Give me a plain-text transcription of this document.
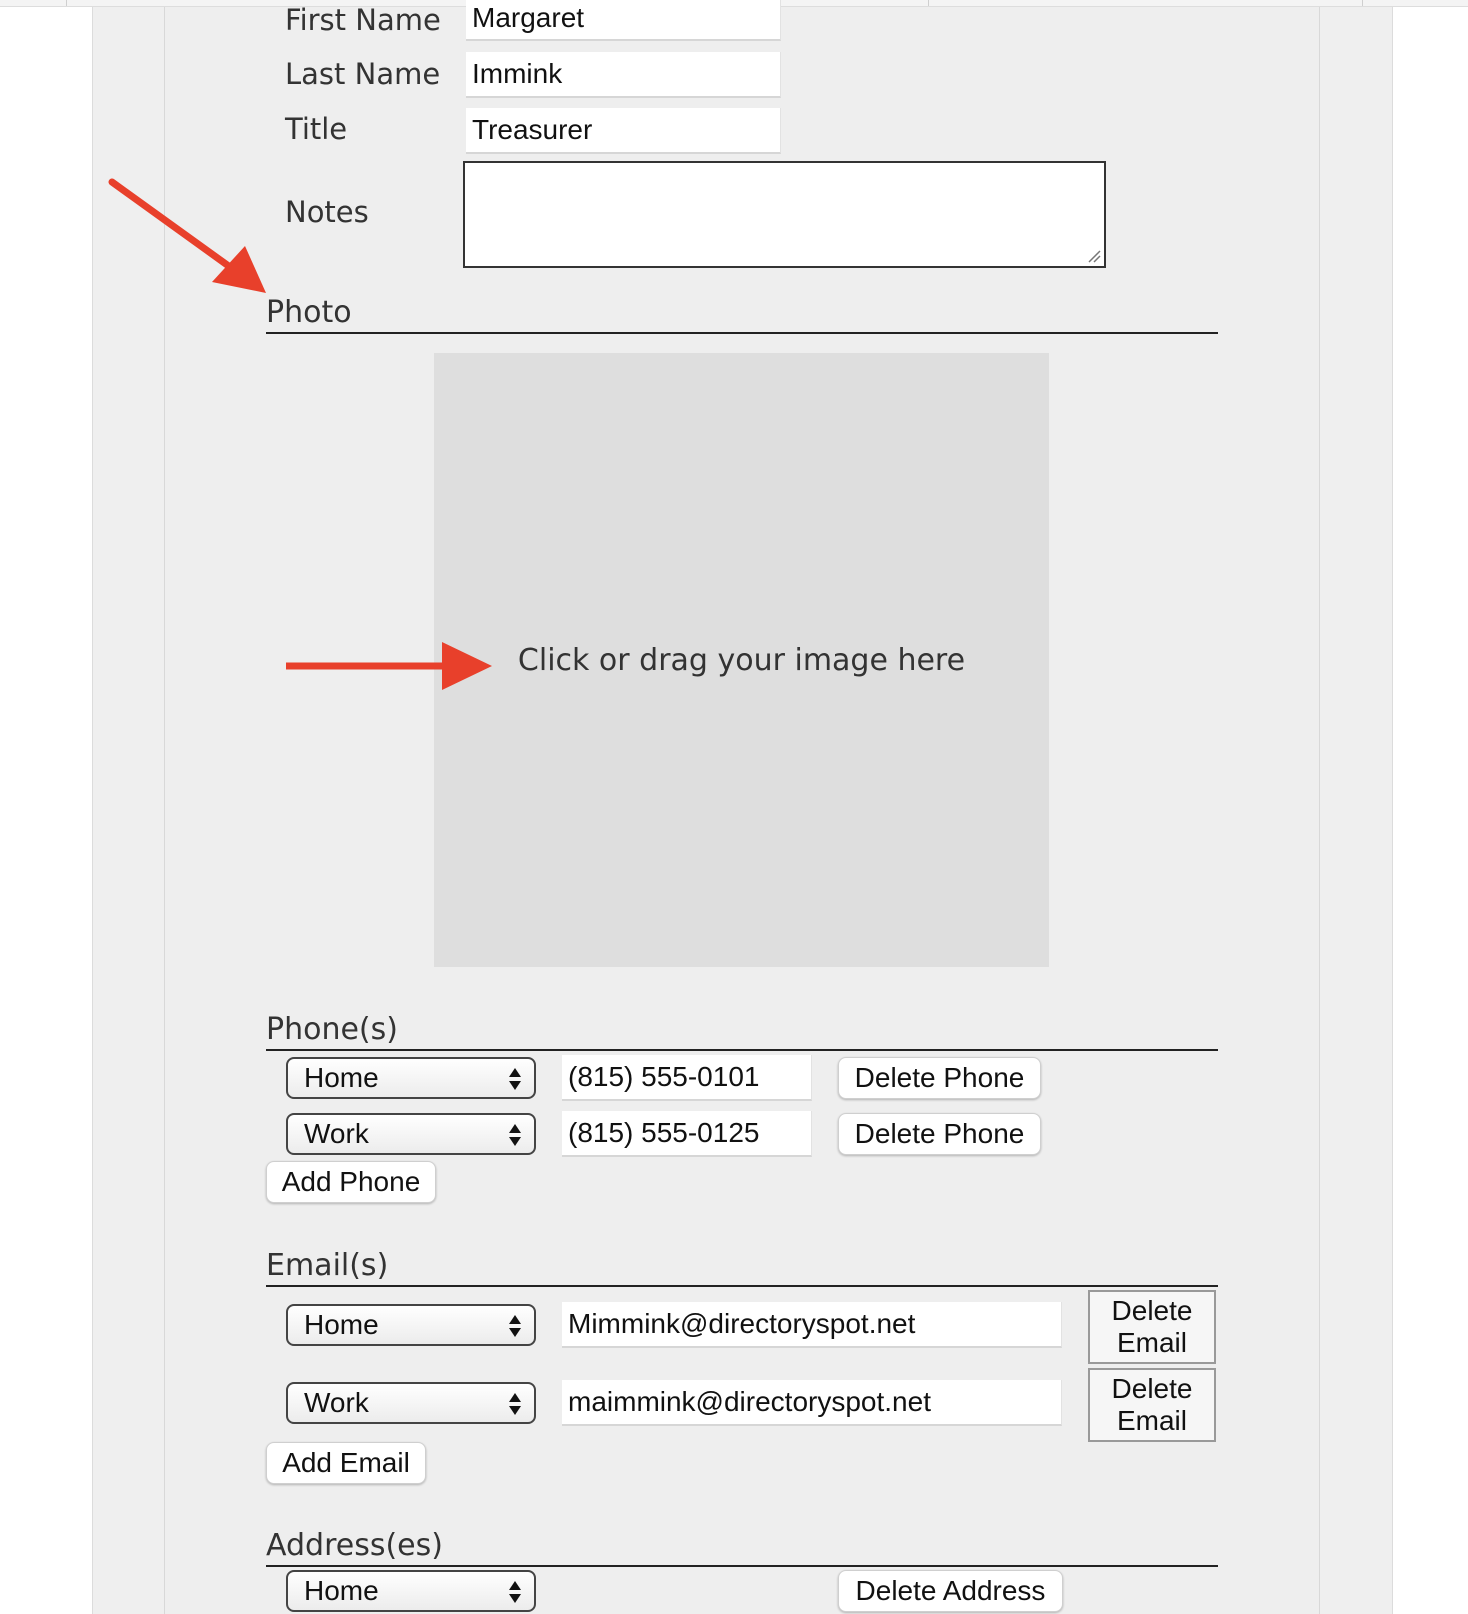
First Name Margaret
Last Name Immink
Title	Treasurer
Notes
Photo
Click or drag your image here
Phone(s)
Home	(815) 555-0101	Delete Phone
Work	(815) 555-0125	Delete Phone
Add Phone
Email(s)
Home	Mimmink@directoryspot.net	Delete
Email
Work	maimmink@directoryspot.net	Delete
Email
Add Email
Address(es)
Home	Delete Address
